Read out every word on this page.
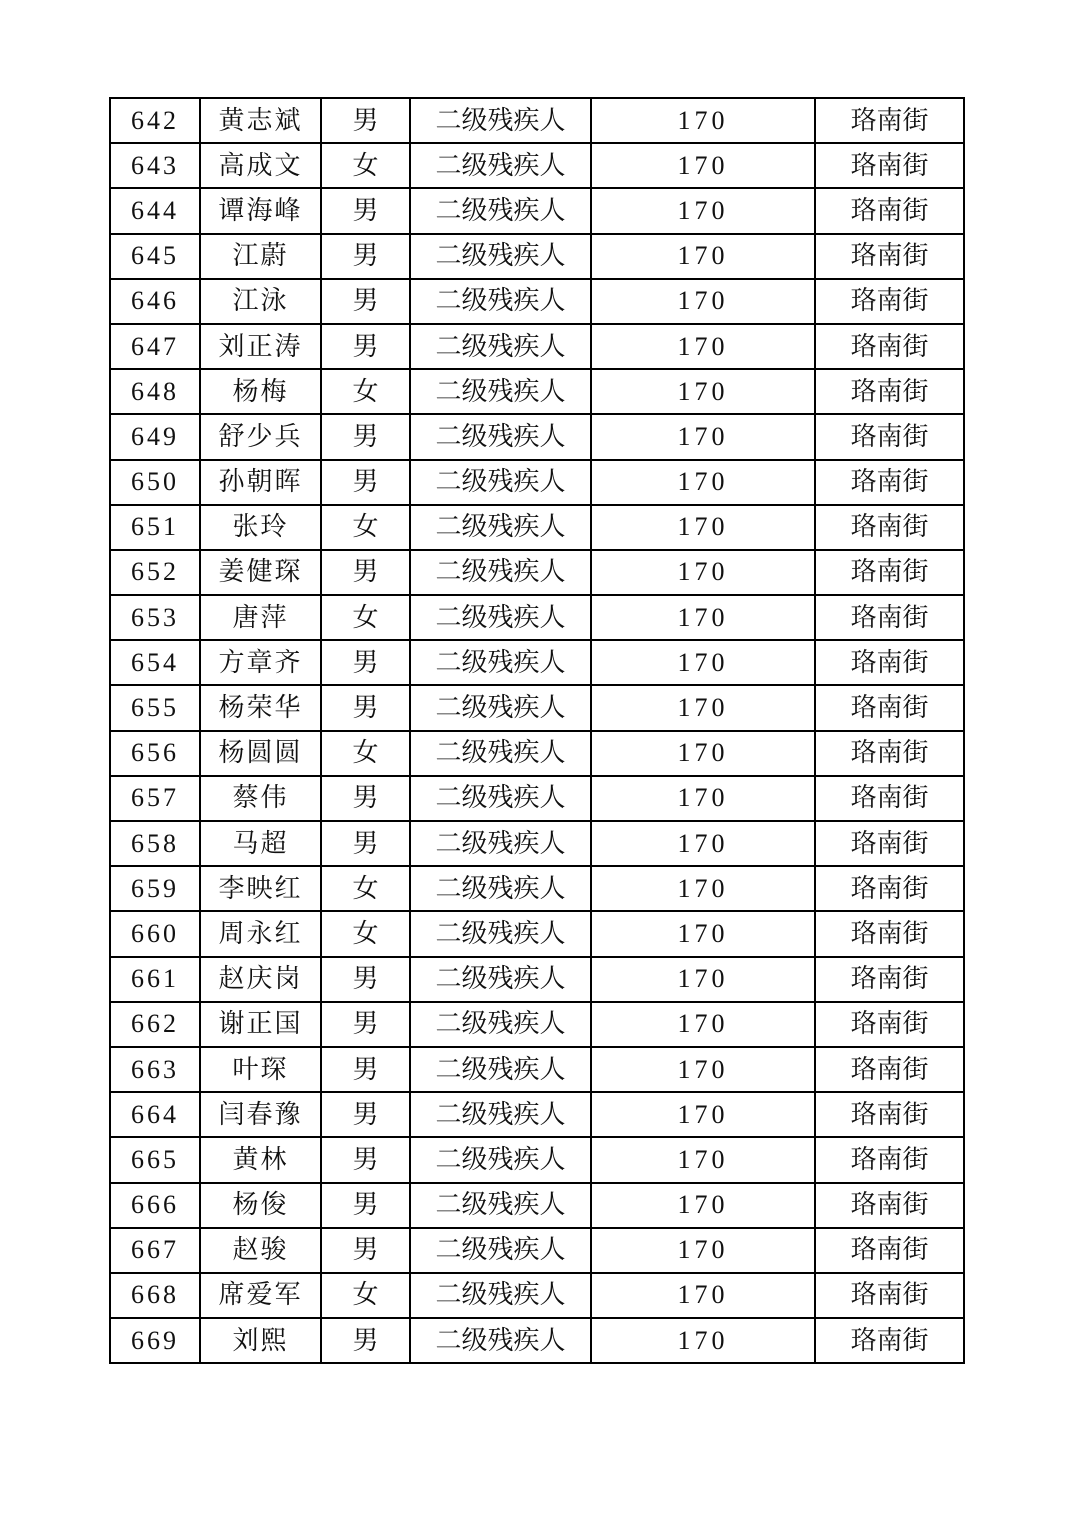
642	黄志斌	男	二级残疾人	170	珞南街
643	高成文	女	二级残疾人	170	珞南街
644	谭海峰	男	二级残疾人	170	珞南街
645	江蔚	男	二级残疾人	170	珞南街
646	江泳	男	二级残疾人	170	珞南街
647	刘正涛	男	二级残疾人	170	珞南街
648	杨梅	女	二级残疾人	170	珞南街
649	舒少兵	男	二级残疾人	170	珞南街
650	孙朝晖	男	二级残疾人	170	珞南街
651	张玲	女	二级残疾人	170	珞南街
652	姜健琛	男	二级残疾人	170	珞南街
653	唐萍	女	二级残疾人	170	珞南街
654	方章齐	男	二级残疾人	170	珞南街
655	杨荣华	男	二级残疾人	170	珞南街
656	杨圆圆	女	二级残疾人	170	珞南街
657	蔡伟	男	二级残疾人	170	珞南街
658	马超	男	二级残疾人	170	珞南街
659	李映红	女	二级残疾人	170	珞南街
660	周永红	女	二级残疾人	170	珞南街
661	赵庆岗	男	二级残疾人	170	珞南街
662	谢正国	男	二级残疾人	170	珞南街
663	叶琛	男	二级残疾人	170	珞南街
664	闫春豫	男	二级残疾人	170	珞南街
665	黄林	男	二级残疾人	170	珞南街
666	杨俊	男	二级残疾人	170	珞南街
667	赵骏	男	二级残疾人	170	珞南街
668	席爱军	女	二级残疾人	170	珞南街
669	刘熙	男	二级残疾人	170	珞南街
